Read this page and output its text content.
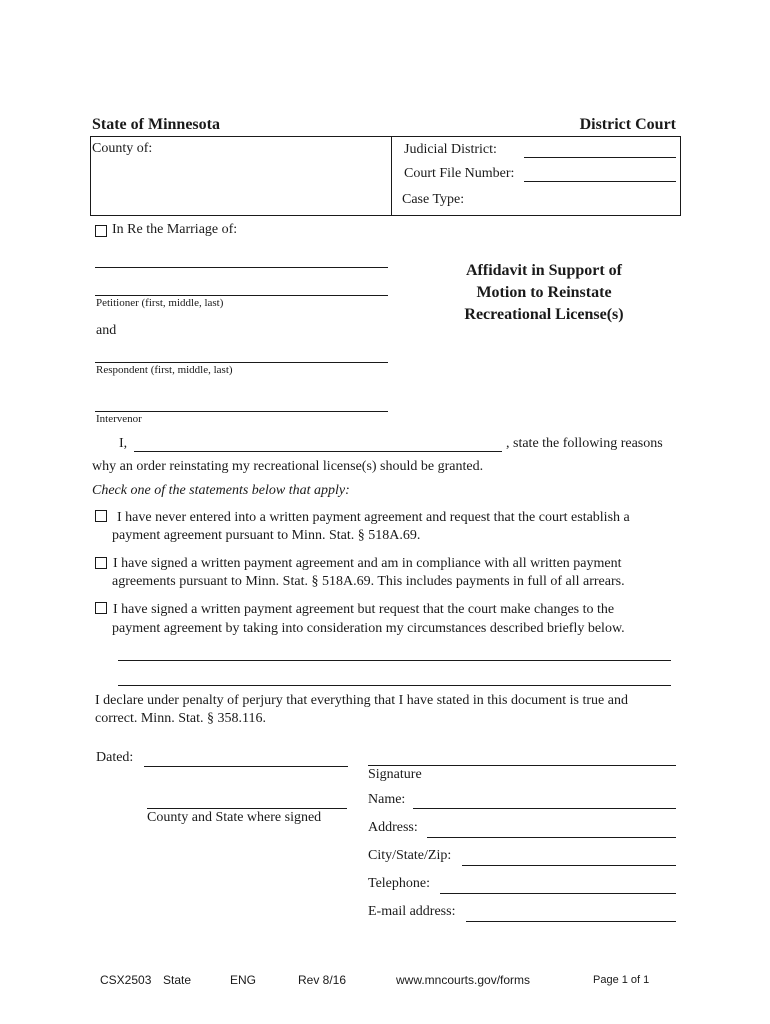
State of Minnesota	District Court
County of:	Judicial District:
Court File Number:
Case Type:
In Re the Marriage of:
Petitioner (first, middle, last)
and
Respondent (first, middle, last)
Intervenor
Affidavit in Support of
Motion to Reinstate
Recreational License(s)
I,	, state the following reasons
why an order reinstating my recreational license(s) should be granted.
Check one of the statements below that apply:
I have never entered into a written payment agreement and request that the court establish a
payment agreement pursuant to Minn. Stat. § 518A.69.
I have signed a written payment agreement and am in compliance with all written payment
agreements pursuant to Minn. Stat. § 518A.69. This includes payments in full of all arrears.
I have signed a written payment agreement but request that the court make changes to the
payment agreement by taking into consideration my circumstances described briefly below.
I declare under penalty of perjury that everything that I have stated in this document is true and
correct. Minn. Stat. § 358.116.
Dated:
County and State where signed
Signature
Name:
Address:
City/State/Zip:
Telephone:
E-mail address:
CSX2503 State	ENG	Rev 8/16	www.mncourts.gov/forms	Page 1 of 1
